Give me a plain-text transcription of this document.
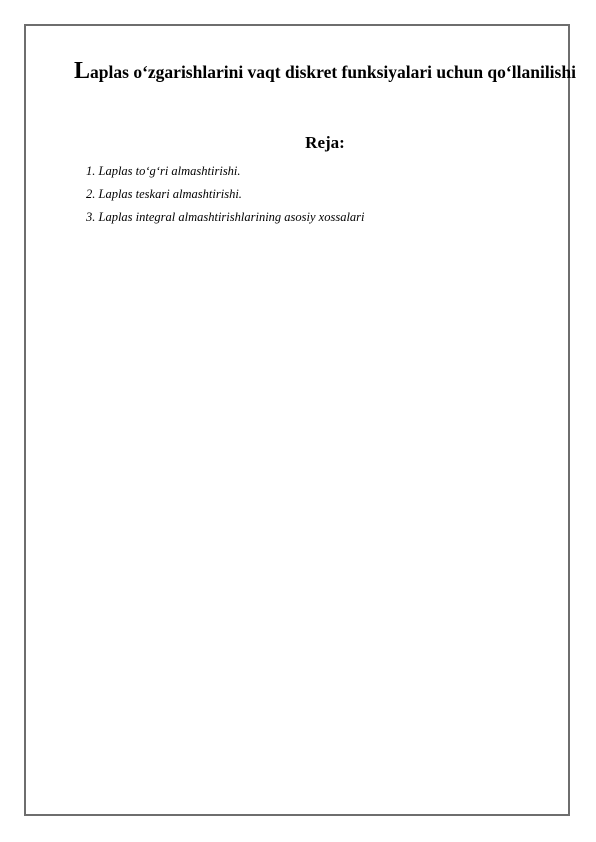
Laplas o‘zgarishlarini vaqt diskret funksiyalari uchun qo‘llanilishi
Reja:
1. Laplas to‘g‘ri almashtirishi.
2. Laplas teskari almashtirishi.
3. Laplas integral almashtirishlarining asosiy xossalari
